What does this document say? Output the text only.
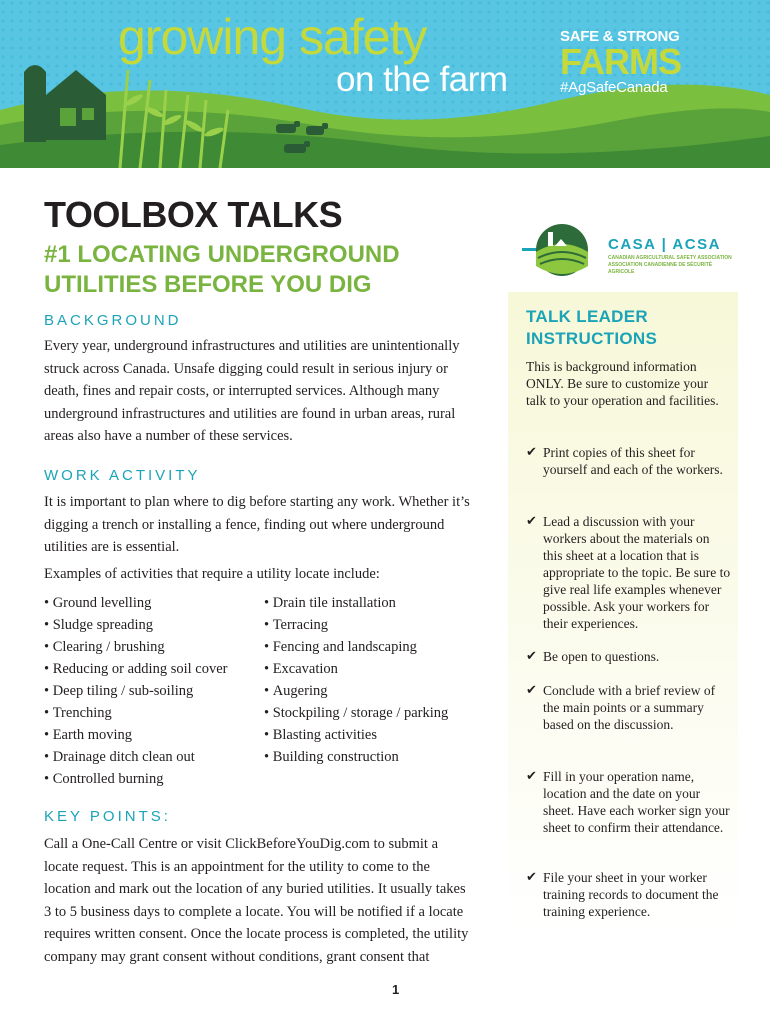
growing safety
on the farm
SAFE & STRONG
FARMS
#AgSafeCanada
TOOLBOX TALKS
#1 LOCATING UNDERGROUND UTILITIES BEFORE YOU DIG
BACKGROUND

Every year, underground infrastructures and utilities are unintentionally struck across Canada. Unsafe digging could result in serious injury or death, fines and repair costs, or interrupted services. Although many underground infrastructures and utilities are found in urban areas, rural areas also have a number of these services.

WORK ACTIVITY

It is important to plan where to dig before starting any work. Whether it’s digging a trench or installing a fence, finding out where underground utilities are is essential.

Examples of activities that require a utility locate include:

• Ground levelling
• Sludge spreading
• Clearing / brushing
• Reducing or adding soil cover
• Deep tiling / sub-soiling
• Trenching
• Earth moving
• Drainage ditch clean out
• Controlled burning
• Drain tile installation
• Terracing
• Fencing and landscaping
• Excavation
• Augering
• Stockpiling / storage / parking
• Blasting activities
• Building construction
KEY POINTS:

Call a One-Call Centre or visit ClickBeforeYouDig.com to submit a locate request. This is an appointment for the utility to come to the location and mark out the location of any buried utilities. It usually takes 3 to 5 business days to complete a locate. You will be notified if a locate requires written consent. Once the locate process is completed, the utility company may grant consent without conditions, grant consent that

1
CASA | ACSA
CANADIAN AGRICULTURAL SAFETY ASSOCIATION
ASSOCIATION CANADIENNE DE SÉCURITÉ AGRICOLE
TALK LEADER INSTRUCTIONS

This is background information ONLY. Be sure to customize your talk to your operation and facilities.

✔ Print copies of this sheet for yourself and each of the workers.
✔ Lead a discussion with your workers about the materials on this sheet at a location that is appropriate to the topic. Be sure to give real life examples whenever possible. Ask your workers for their experiences.
✔ Be open to questions.
✔ Conclude with a brief review of the main points or a summary based on the discussion.
✔ Fill in your operation name, location and the date on your sheet. Have each worker sign your sheet to confirm their attendance.
✔ File your sheet in your worker training records to document the training experience.
